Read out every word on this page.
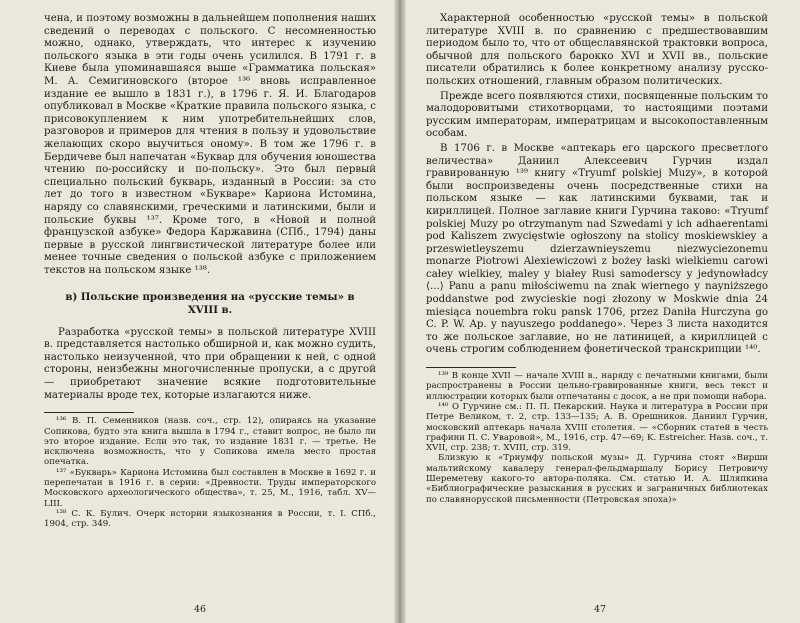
чена, и поэтому возможны в дальнейшем пополнения наших сведений о переводах с польского. С несомненностью можно, однако, утверждать, что интерес к изучению польского языка в эти годы очень усилился. В 1791 г. в Киеве была упоминавшаяся выше «Грамматика польская» М. А. Семигиновского (второе ¹³⁶ вновь исправленное издание ее вышло в 1831 г.), в 1796 г. Я. И. Благодаров опубликовал в Москве «Краткие правила польского языка, с присовокуплением к ним употребительнейших слов, разговоров и примеров для чтения в пользу и удовольствие желающих скоро выучиться оному». В том же 1796 г. в Бердичеве был напечатан «Буквар для обучения юношества чтению по-российску и по-польску». Это был первый специально польский букварь, изданный в России: за сто лет до того в известном «Букваре» Кариона Истомина, наряду со славянскими, греческими и латинскими, были и польские буквы ¹³⁷. Кроме того, в «Новой и полной французской азбуке» Федора Каржавина (СПб., 1794) даны первые в русской лингвистической литературе более или менее точные сведения о польской азбуке с приложением текстов на польском языке ¹³⁸.

в) Польские произведения на «русские темы» в XVIII в.

Разработка «русской темы» в польской литературе XVIII в. представляется настолько обширной и, как можно судить, настолько неизученной, что при обращении к ней, с одной стороны, неизбежны многочисленные пропуски, а с другой — приобретают значение всякие подготовительные материалы вроде тех, которые излагаются ниже.

¹³⁶ В. П. Семенников (назв. соч., стр. 12), опираясь на указание Сопикова, будто эта книга вышла в 1794 г., ставит вопрос, не было ли это второе издание. Если это так, то издание 1831 г. — третье. Не исключена возможность, что у Сопикова имела место простая опечатка.

¹³⁷ «Букварь» Кариона Истомина был составлен в Москве в 1692 г. и перепечатан в 1916 г. в серии: «Древности. Труды императорского Московского археологического общества», т. 25, М., 1916, табл. XV—LIII.

¹³⁸ С. К. Булич. Очерк истории языкознания в России, т. I. СПб., 1904, стр. 349.

46

Характерной особенностью «русской темы» в польской литературе XVIII в. по сравнению с предшествовавшим периодом было то, что от общеславянской трактовки вопроса, обычной для польского барокко XVI и XVII вв., польские писатели обратились к более конкретному анализу русско-польских отношений, главным образом политических.

Прежде всего появляются стихи, посвященные польским то малодоровитыми стихотворцами, то настоящими поэтами русским императорам, императрицам и высокопоставленным особам.

В 1706 г. в Москве «аптекарь его царского пресветлого величества» Даниил Алексеевич Гурчин издал гравированную ¹³⁹ книгу «Tryumf polskiej Muzy», в которой были воспроизведены очень посредственные стихи на польском языке — как латинскими буквами, так и кириллицей. Полное заглавие книги Гурчина таково: «Tryumf polskiej Muzy po otrzymanym nad Szwedami y ich adhaerentami pod Kaliszem zwycięstwie ogłoszony na stolicy moskiewskiey a przeswietleyszemu dzierzawnieyszemu niezwyciezonemu monarze Piotrowi Alexiewiczowi z bożey łaski wielkiemu carowi całey wielkiey, maley y białey Rusi samoderscy y jedynowładcy ⟨...⟩ Panu a panu miłościwemu na znak wiernego y nayniższego poddanstwe pod zwycieskie nogi złozony w Moskwie dnia 24 miesiąca nouembra roku pansk 1706, przez Daniła Hurczyna go C. P. W. Ap. y nayuszego poddanego». Через 3 листа находится то же польское заглавие, но не латиницей, а кириллицей с очень строгим соблюдением фонетической транскрипции ¹⁴⁰.

¹³⁹ В конце XVII — начале XVIII в., наряду с печатными книгами, были распространены в России цельно-гравированные книги, весь текст и иллюстрации которых были отпечатаны с досок, а не при помощи набора.

¹⁴⁰ О Гурчине см.: П. П. Пекарский. Наука и литература в России при Петре Великом, т. 2, стр. 133—135; А. В. Орешников. Даниил Гурчин, московский аптекарь начала XVIII столетия. — «Сборник статей в честь графини П. С. Уваровой», М., 1916, стр. 47—69; K. Estreicher. Назв. соч., т. XVII, стр. 238; т. XVIII, стр. 319.

Близкую к «Триумфу польской музы» Д. Гурчина стоят «Вирши мальтийскому кавалеру генерал-фельдмаршалу Борису Петровичу Шереметеву какого-то автора-поляка. См. статью И. А. Шляпкина «Библиографические разыскания в русских и заграничных библиотеках по славянорусской письменности (Петровская эпоха)»

47
